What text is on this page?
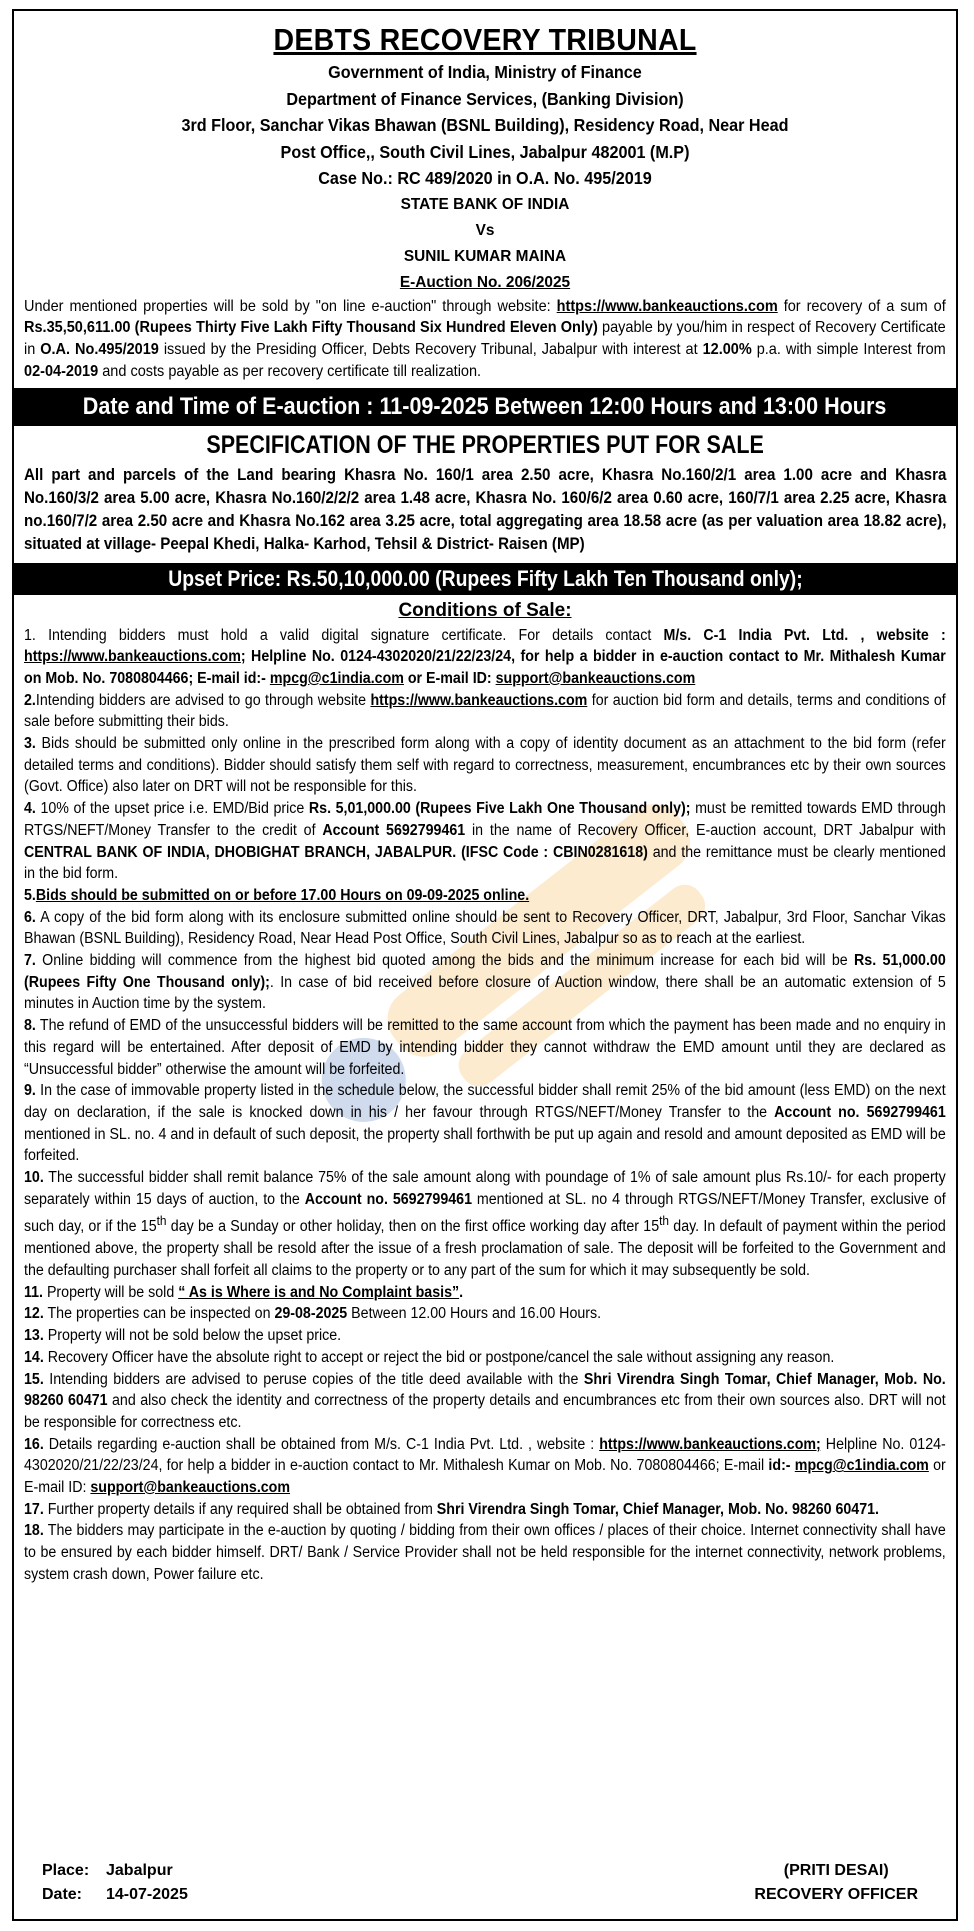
DEBTS RECOVERY TRIBUNAL
Government of India, Ministry of Finance
Department of Finance Services, (Banking Division)
3rd Floor, Sanchar Vikas Bhawan (BSNL Building), Residency Road, Near Head
Post Office,, South Civil Lines, Jabalpur 482001 (M.P)
Case No.: RC 489/2020 in O.A. No. 495/2019
STATE BANK OF INDIA
Vs
SUNIL KUMAR MAINA
E-Auction No. 206/2025
Under mentioned properties will be sold by "on line e-auction" through website: https://www.bankeauctions.com for recovery of a sum of Rs.35,50,611.00 (Rupees Thirty Five Lakh Fifty Thousand Six Hundred Eleven Only) payable by you/him in respect of Recovery Certificate in O.A. No.495/2019 issued by the Presiding Officer, Debts Recovery Tribunal, Jabalpur with interest at 12.00% p.a. with simple Interest from 02-04-2019 and costs payable as per recovery certificate till realization.
Date and Time of E-auction : 11-09-2025 Between 12:00 Hours and 13:00 Hours
SPECIFICATION OF THE PROPERTIES PUT FOR SALE
All part and parcels of the Land bearing Khasra No. 160/1 area 2.50 acre, Khasra No.160/2/1 area 1.00 acre and Khasra No.160/3/2 area 5.00 acre, Khasra No.160/2/2/2 area 1.48 acre, Khasra No. 160/6/2 area 0.60 acre, 160/7/1 area 2.25 acre, Khasra no.160/7/2 area 2.50 acre and Khasra No.162 area 3.25 acre, total aggregating area 18.58 acre (as per valuation area 18.82 acre), situated at village- Peepal Khedi, Halka- Karhod, Tehsil & District- Raisen (MP)
Upset Price: Rs.50,10,000.00 (Rupees Fifty Lakh Ten Thousand only);
Conditions of Sale:

1. Intending bidders must hold a valid digital signature certificate. For details contact M/s. C-1 India Pvt. Ltd. , website : https://www.bankeauctions.com; Helpline No. 0124-4302020/21/22/23/24, for help a bidder in e-auction contact to Mr. Mithalesh Kumar on Mob. No. 7080804466; E-mail id:- mpcg@c1india.com or E-mail ID: support@bankeauctions.com

2.Intending bidders are advised to go through website https://www.bankeauctions.com for auction bid form and details, terms and conditions of sale before submitting their bids.

3. Bids should be submitted only online in the prescribed form along with a copy of identity document as an attachment to the bid form (refer detailed terms and conditions). Bidder should satisfy them self with regard to correctness, measurement, encumbrances etc by their own sources (Govt. Office) also later on DRT will not be responsible for this.

4. 10% of the upset price i.e. EMD/Bid price Rs. 5,01,000.00 (Rupees Five Lakh One Thousand only); must be remitted towards EMD through RTGS/NEFT/Money Transfer to the credit of Account 5692799461 in the name of Recovery Officer, E-auction account, DRT Jabalpur with CENTRAL BANK OF INDIA, DHOBIGHAT BRANCH, JABALPUR. (IFSC Code : CBIN0281618) and the remittance must be clearly mentioned in the bid form.

5.Bids should be submitted on or before 17.00 Hours on 09-09-2025 online.

6. A copy of the bid form along with its enclosure submitted online should be sent to Recovery Officer, DRT, Jabalpur, 3rd Floor, Sanchar Vikas Bhawan (BSNL Building), Residency Road, Near Head Post Office, South Civil Lines, Jabalpur so as to reach at the earliest.

7. Online bidding will commence from the highest bid quoted among the bids and the minimum increase for each bid will be Rs. 51,000.00 (Rupees Fifty One Thousand only);. In case of bid received before closure of Auction window, there shall be an automatic extension of 5 minutes in Auction time by the system.

8. The refund of EMD of the unsuccessful bidders will be remitted to the same account from which the payment has been made and no enquiry in this regard will be entertained. After deposit of EMD by intending bidder they cannot withdraw the EMD amount until they are declared as “Unsuccessful bidder” otherwise the amount will be forfeited.

9. In the case of immovable property listed in the schedule below, the successful bidder shall remit 25% of the bid amount (less EMD) on the next day on declaration, if the sale is knocked down in his / her favour through RTGS/NEFT/Money Transfer to the Account no. 5692799461 mentioned in SL. no. 4 and in default of such deposit, the property shall forthwith be put up again and resold and amount deposited as EMD will be forfeited.

10. The successful bidder shall remit balance 75% of the sale amount along with poundage of 1% of sale amount plus Rs.10/- for each property separately within 15 days of auction, to the Account no. 5692799461 mentioned at SL. no 4 through RTGS/NEFT/Money Transfer, exclusive of such day, or if the 15th day be a Sunday or other holiday, then on the first office working day after 15th day. In default of payment within the period mentioned above, the property shall be resold after the issue of a fresh proclamation of sale. The deposit will be forfeited to the Government and the defaulting purchaser shall forfeit all claims to the property or to any part of the sum for which it may subsequently be sold.

11. Property will be sold “ As is Where is and No Complaint basis”.

12. The properties can be inspected on 29-08-2025 Between 12.00 Hours and 16.00 Hours.

13. Property will not be sold below the upset price.

14. Recovery Officer have the absolute right to accept or reject the bid or postpone/cancel the sale without assigning any reason.

15. Intending bidders are advised to peruse copies of the title deed available with the Shri Virendra Singh Tomar, Chief Manager, Mob. No. 98260 60471 and also check the identity and correctness of the property details and encumbrances etc from their own sources also. DRT will not be responsible for correctness etc.

16. Details regarding e-auction shall be obtained from M/s. C-1 India Pvt. Ltd. , website : https://www.bankeauctions.com; Helpline No. 0124-4302020/21/22/23/24, for help a bidder in e-auction contact to Mr. Mithalesh Kumar on Mob. No. 7080804466; E-mail id:- mpcg@c1india.com or E-mail ID: support@bankeauctions.com

17. Further property details if any required shall be obtained from Shri Virendra Singh Tomar, Chief Manager, Mob. No. 98260 60471.

18. The bidders may participate in the e-auction by quoting / bidding from their own offices / places of their choice. Internet connectivity shall have to be ensured by each bidder himself. DRT/ Bank / Service Provider shall not be held responsible for the internet connectivity, network problems, system crash down, Power failure etc.

Place: Jabalpur
Date: 14-07-2025
(PRITI DESAI)
RECOVERY OFFICER
